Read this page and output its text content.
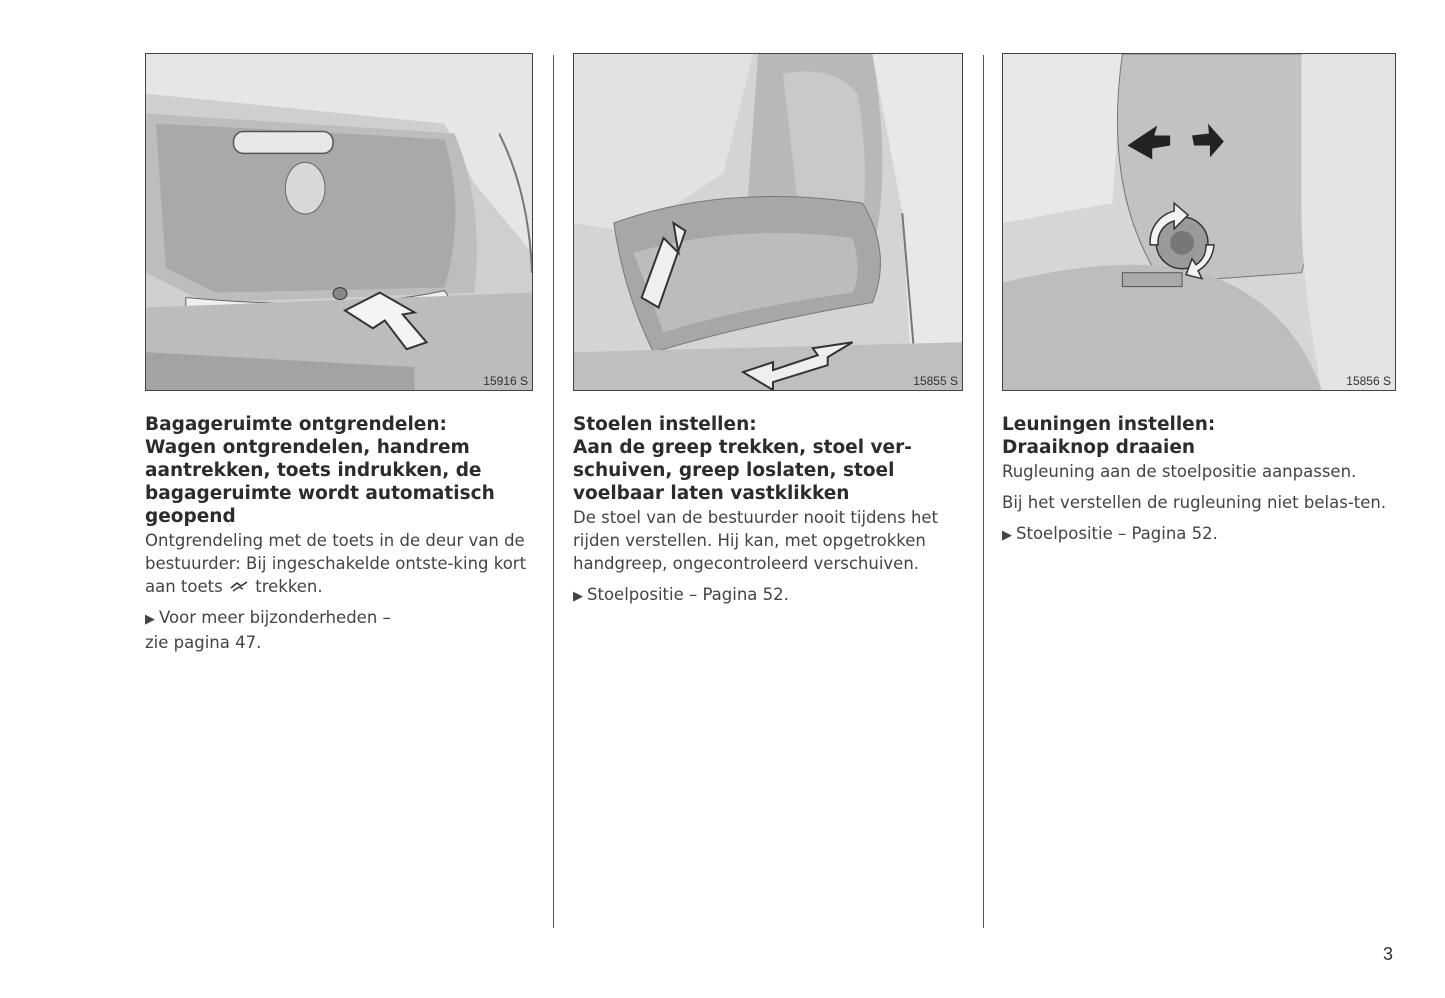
15916 S
Bagageruimte ontgrendelen:
Wagen ontgrendelen, handrem aantrekken, toets indrukken, de bagageruimte wordt automatisch geopend

Ontgrendeling met de toets in de deur van de bestuurder: Bij ingeschakelde ontste-king kort aan toets trekken.

▶ Voor meer bijzonderheden –
zie pagina 47.

15855 S
Stoelen instellen:
Aan de greep trekken, stoel ver-schuiven, greep loslaten, stoel voelbaar laten vastklikken

De stoel van de bestuurder nooit tijdens het rijden verstellen. Hij kan, met opgetrokken handgreep, ongecontroleerd verschuiven.

▶ Stoelpositie – Pagina 52.

15856 S
Leuningen instellen:
Draaiknop draaien

Rugleuning aan de stoelpositie aanpassen.

Bij het verstellen de rugleuning niet belas-ten.

▶ Stoelpositie – Pagina 52.

3
